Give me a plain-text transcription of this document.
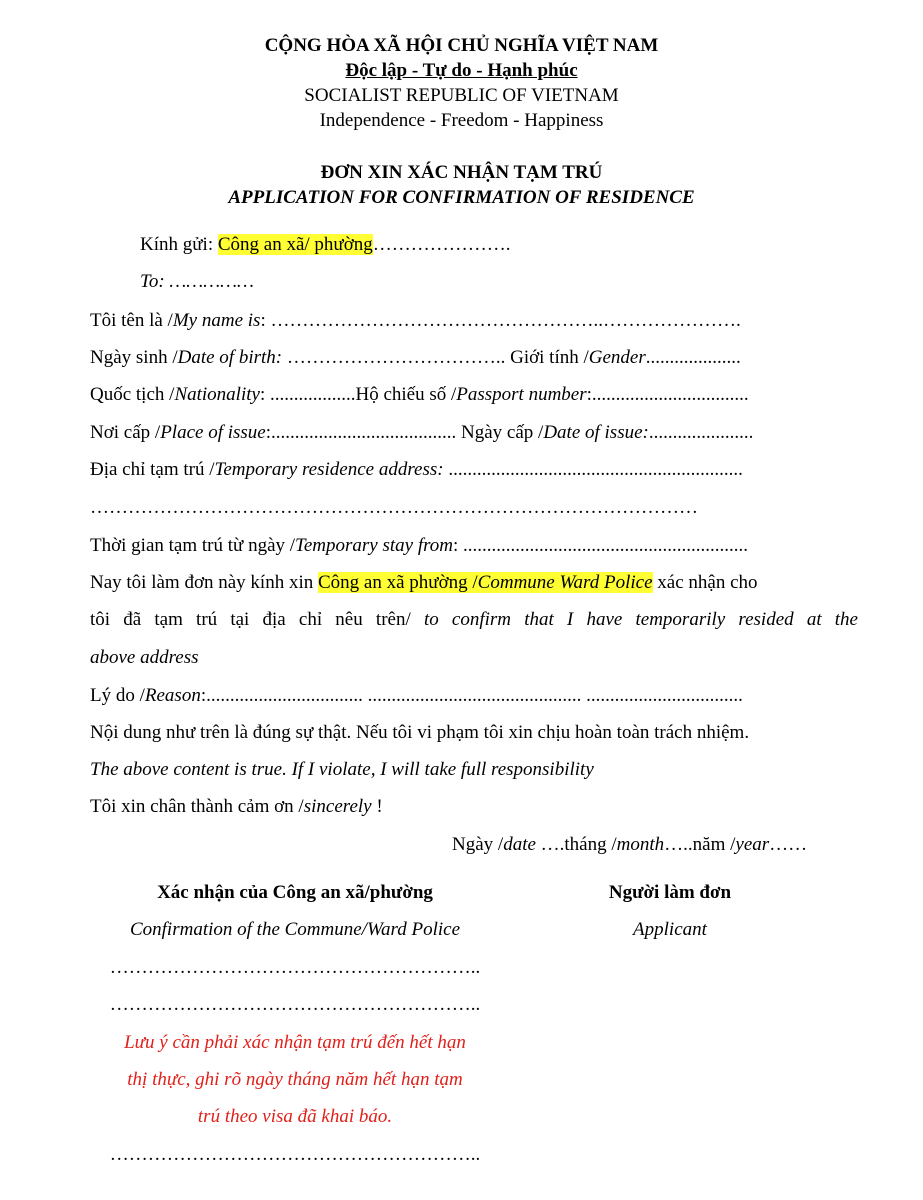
CỘNG HÒA XÃ HỘI CHỦ NGHĨA VIỆT NAM
Độc lập - Tự do - Hạnh phúc
SOCIALIST REPUBLIC OF VIETNAM
Independence - Freedom - Happiness
ĐƠN XIN XÁC NHẬN TẠM TRÚ
APPLICATION FOR CONFIRMATION OF RESIDENCE
Kính gửi: Công an xã/ phường………………….
To: ……………
Tôi tên là /My name is: ……………………………………………..………………….
Ngày sinh /Date of birth: …………………………….. Giới tính /Gender....................
Quốc tịch /Nationality: ..................Hộ chiếu số /Passport number:.................................
Nơi cấp /Place of issue:....................................... Ngày cấp /Date of issue:......................
Địa chỉ tạm trú /Temporary residence address: ..............................................................
……………………………………………………………………………………
Thời gian tạm trú từ ngày /Temporary stay from: ............................................................
Nay tôi làm đơn này kính xin Công an xã phường /Commune Ward Police xác nhận cho
tôi đã tạm trú tại địa chỉ nêu trên/ to confirm that I have temporarily resided at the
above address
Lý do /Reason:................................. ............................................. .................................
Nội dung như trên là đúng sự thật. Nếu tôi vi phạm tôi xin chịu hoàn toàn trách nhiệm.
The above content is true. If I violate, I will take full responsibility
Tôi xin chân thành cảm ơn /sincerely !
Ngày /date ….tháng /month…..năm /year……
Xác nhận của Công an xã/phường
Confirmation of the Commune/Ward Police
…………………………………………………..
…………………………………………………..
Lưu ý cần phải xác nhận tạm trú đến hết hạn
thị thực, ghi rõ ngày tháng năm hết hạn tạm
trú theo visa đã khai báo.
…………………………………………………..
Người làm đơn
Applicant
